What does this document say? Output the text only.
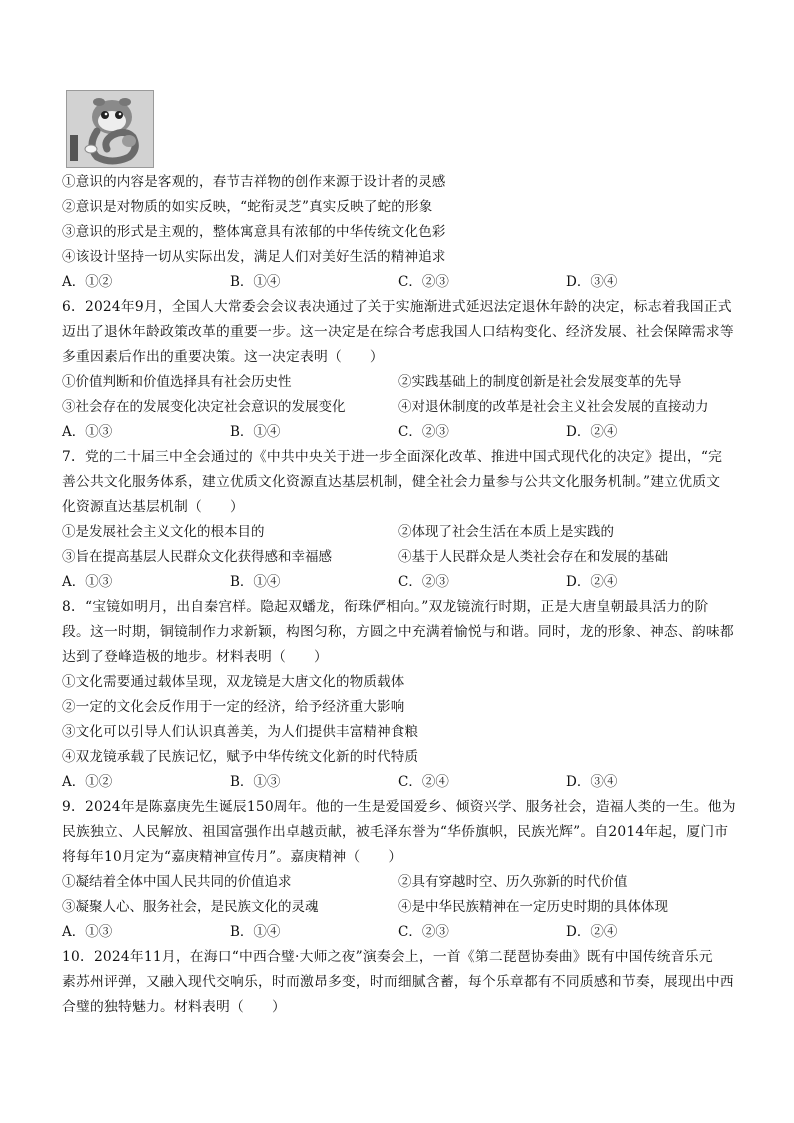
①意识的内容是客观的，春节吉祥物的创作来源于设计者的灵感
②意识是对物质的如实反映，“蛇衔灵芝”真实反映了蛇的形象
③意识的形式是主观的，整体寓意具有浓郁的中华传统文化色彩
④该设计坚持一切从实际出发，满足人们对美好生活的精神追求
A．①②	B．①④	C．②③	D．③④
6．2024年9月，全国人大常委会会议表决通过了关于实施渐进式延迟法定退休年龄的决定，标志着我国正式
迈出了退休年龄政策改革的重要一步。这一决定是在综合考虑我国人口结构变化、经济发展、社会保障需求等
多重因素后作出的重要决策。这一决定表明（　　）
①价值判断和价值选择具有社会历史性	②实践基础上的制度创新是社会发展变革的先导
③社会存在的发展变化决定社会意识的发展变化	④对退休制度的改革是社会主义社会发展的直接动力
A．①③	B．①④	C．②③	D．②④
7．党的二十届三中全会通过的《中共中央关于进一步全面深化改革、推进中国式现代化的决定》提出，“完
善公共文化服务体系，建立优质文化资源直达基层机制，健全社会力量参与公共文化服务机制。”建立优质文
化资源直达基层机制（　　）
①是发展社会主义文化的根本目的	②体现了社会生活在本质上是实践的
③旨在提高基层人民群众文化获得感和幸福感	④基于人民群众是人类社会存在和发展的基础
A．①③	B．①④	C．②③	D．②④
8．“宝镜如明月，出自秦宫样。隐起双蟠龙，衔珠俨相向。”双龙镜流行时期，正是大唐皇朝最具活力的阶
段。这一时期，铜镜制作力求新颖，构图匀称，方圆之中充满着愉悦与和谐。同时，龙的形象、神态、韵味都
达到了登峰造极的地步。材料表明（　　）
①文化需要通过载体呈现，双龙镜是大唐文化的物质载体
②一定的文化会反作用于一定的经济，给予经济重大影响
③文化可以引导人们认识真善美，为人们提供丰富精神食粮
④双龙镜承载了民族记忆，赋予中华传统文化新的时代特质
A．①②	B．①③	C．②④	D．③④
9．2024年是陈嘉庚先生诞辰150周年。他的一生是爱国爱乡、倾资兴学、服务社会，造福人类的一生。他为
民族独立、人民解放、祖国富强作出卓越贡献，被毛泽东誉为“华侨旗帜，民族光辉”。自2014年起，厦门市
将每年10月定为“嘉庚精神宣传月”。嘉庚精神（　　）
①凝结着全体中国人民共同的价值追求	②具有穿越时空、历久弥新的时代价值
③凝聚人心、服务社会，是民族文化的灵魂	④是中华民族精神在一定历史时期的具体体现
A．①③	B．①④	C．②③	D．②④
10．2024年11月，在海口“中西合璧·大师之夜”演奏会上，一首《第二琵琶协奏曲》既有中国传统音乐元
素苏州评弹，又融入现代交响乐，时而激昂多变，时而细腻含蓄，每个乐章都有不同质感和节奏，展现出中西
合璧的独特魅力。材料表明（　　）
